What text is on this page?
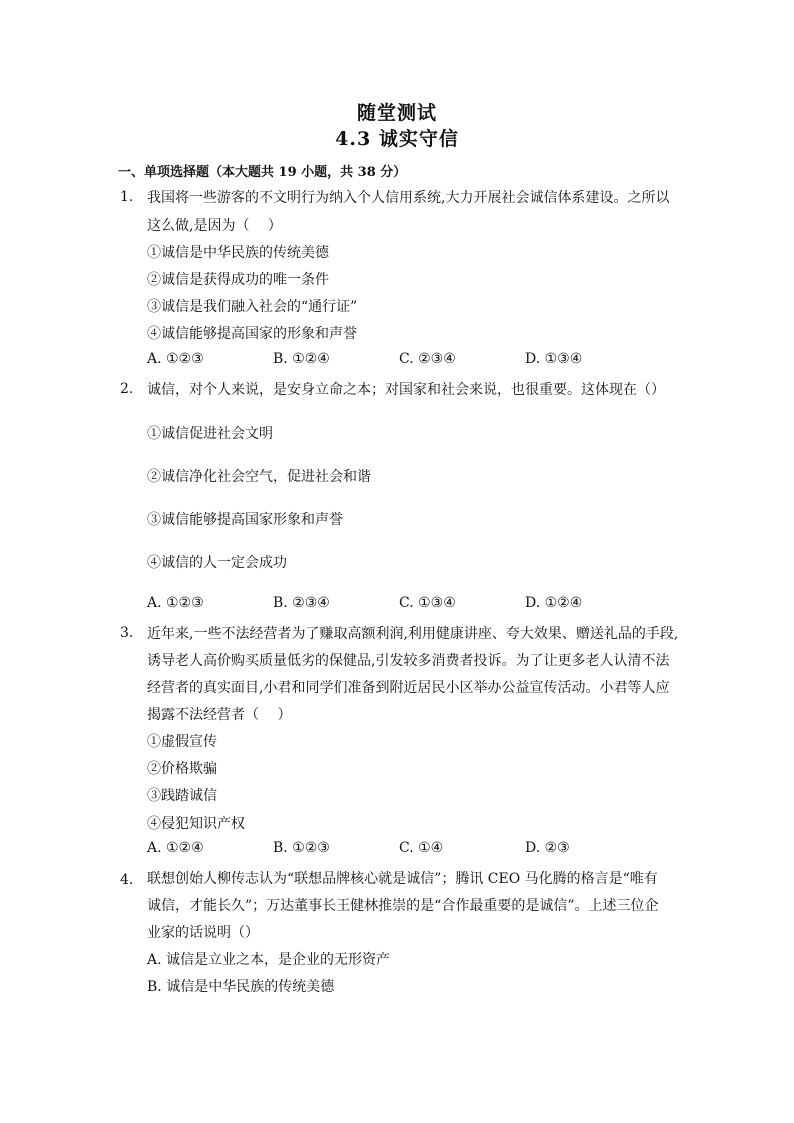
随堂测试
4.3 诚实守信
一、单项选择题（本大题共 19 小题，共 38 分）
1. 我国将一些游客的不文明行为纳入个人信用系统,大力开展社会诚信体系建设。之所以
这么做,是因为（　 ）
①诚信是中华民族的传统美德
②诚信是获得成功的唯一条件
③诚信是我们融入社会的“通行证”
④诚信能够提高国家的形象和声誉
A. ①②③	B. ①②④	C. ②③④	D. ①③④
2. 诚信，对个人来说，是安身立命之本；对国家和社会来说，也很重要。这体现在（）
①诚信促进社会文明
②诚信净化社会空气，促进社会和谐
③诚信能够提高国家形象和声誉
④诚信的人一定会成功
A. ①②③	B. ②③④	C. ①③④	D. ①②④
3. 近年来,一些不法经营者为了赚取高额利润,利用健康讲座、夸大效果、赠送礼品的手段,
诱导老人高价购买质量低劣的保健品,引发较多消费者投诉。为了让更多老人认清不法
经营者的真实面目,小君和同学们准备到附近居民小区举办公益宣传活动。小君等人应
揭露不法经营者（　 ）
①虚假宣传
②价格欺骗
③践踏诚信
④侵犯知识产权
A. ①②④	B. ①②③	C. ①④	D. ②③
4. 联想创始人柳传志认为“联想品牌核心就是诚信”；腾讯 CEO 马化腾的格言是“唯有
诚信，才能长久”；万达董事长王健林推崇的是“合作最重要的是诚信”。上述三位企
业家的话说明（）
A. 诚信是立业之本，是企业的无形资产
B. 诚信是中华民族的传统美德
